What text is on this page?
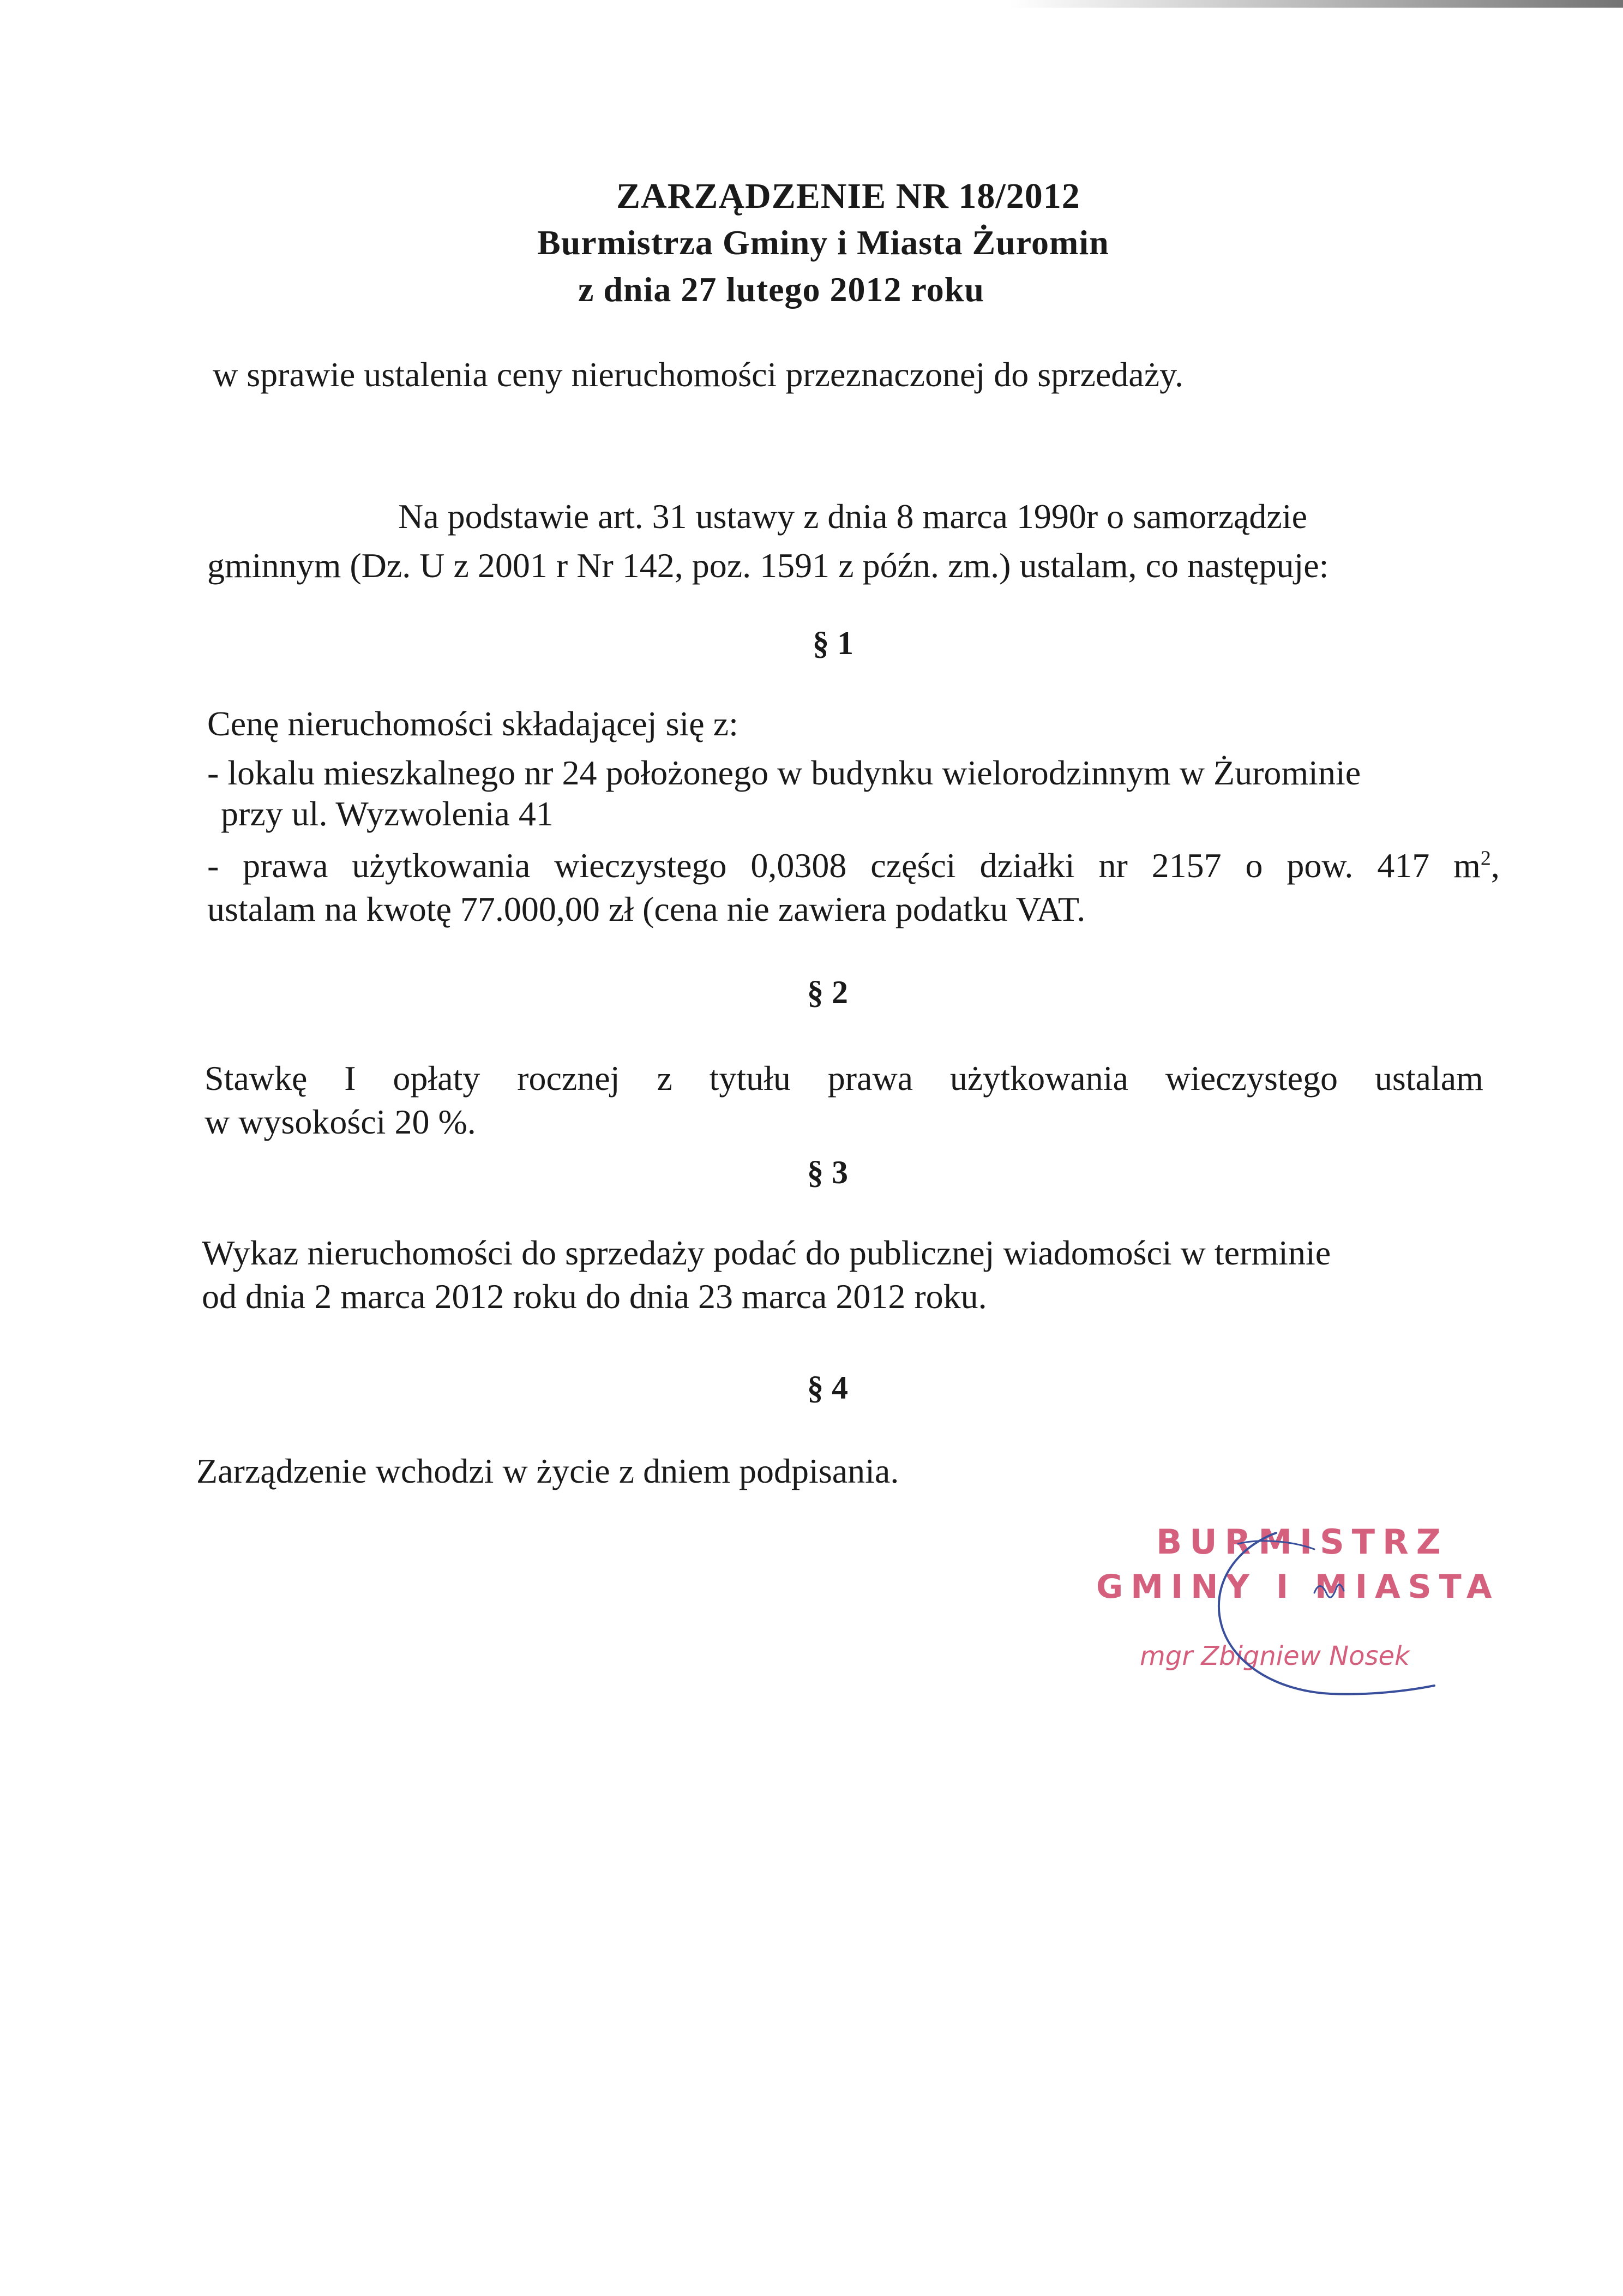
ZARZĄDZENIE NR 18/2012
Burmistrza Gminy i Miasta Żuromin
z dnia 27 lutego 2012 roku
w sprawie ustalenia ceny nieruchomości przeznaczonej do sprzedaży.
Na podstawie art. 31 ustawy z dnia 8 marca 1990r o samorządzie
gminnym (Dz. U z 2001 r Nr 142, poz. 1591 z późn. zm.) ustalam, co następuje:
§ 1
Cenę nieruchomości składającej się z:
- lokalu mieszkalnego nr 24 położonego w budynku wielorodzinnym w Żurominie
przy ul. Wyzwolenia 41
- prawa użytkowania wieczystego 0,0308 części działki nr 2157 o pow. 417 $m^2$,
ustalam na kwotę 77.000,00 zł (cena nie zawiera podatku VAT.
§ 2
Stawkę I opłaty rocznej z tytułu prawa użytkowania wieczystego ustalam
w wysokości 20 %.
§ 3
Wykaz nieruchomości do sprzedaży podać do publicznej wiadomości w terminie
od dnia 2 marca 2012 roku do dnia 23 marca 2012 roku.
§ 4
Zarządzenie wchodzi w życie z dniem podpisania.
BURMISTRZ
GMINY I MIASTA
mgr Zbigniew Nosek
